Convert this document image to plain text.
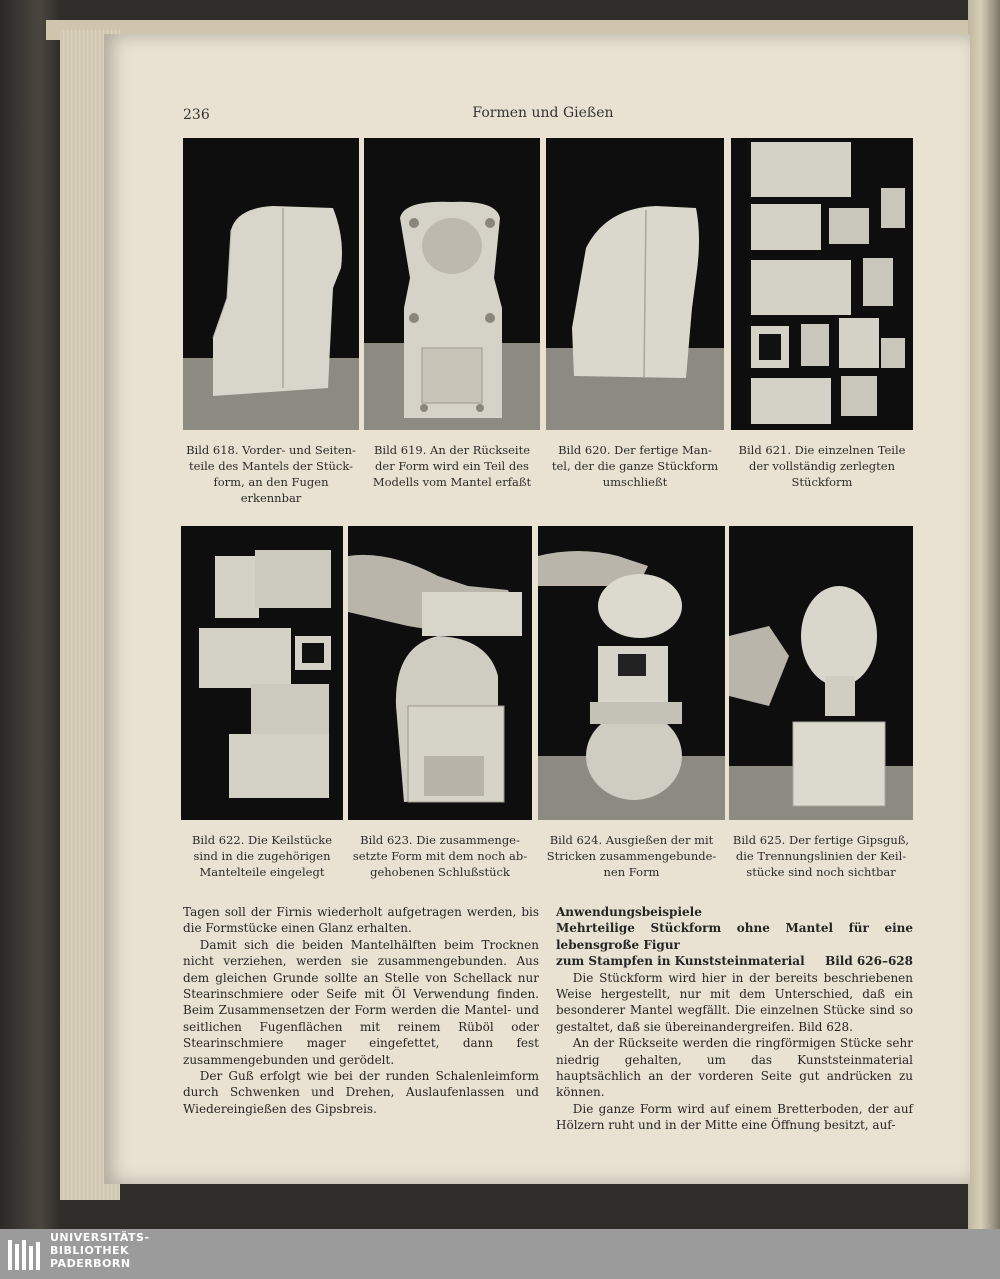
236	Formen und Gießen
Bild 618. Vorder- und Seiten-
teile des Mantels der Stück-
form, an den Fugen erkennbar
Bild 619. An der Rückseite
der Form wird ein Teil des
Modells vom Mantel erfaßt
Bild 620. Der fertige Man-
tel, der die ganze Stückform
umschließt
Bild 621. Die einzelnen Teile
der vollständig zerlegten
Stückform
Bild 622. Die Keilstücke
sind in die zugehörigen
Mantelteile eingelegt
Bild 623. Die zusammenge-
setzte Form mit dem noch ab-
gehobenen Schlußstück
Bild 624. Ausgießen der mit
Stricken zusammengebunde-
nen Form
Bild 625. Der fertige Gipsguß,
die Trennungslinien der Keil-
stücke sind noch sichtbar

Tagen soll der Firnis wiederholt aufgetragen werden, bis die Formstücke einen Glanz erhalten.

Damit sich die beiden Mantelhälften beim Trocknen nicht verziehen, werden sie zusammengebunden. Aus dem gleichen Grunde sollte an Stelle von Schellack nur Stearinschmiere oder Seife mit Öl Verwendung finden. Beim Zusammensetzen der Form werden die Mantel- und seitlichen Fugenflächen mit reinem Rüböl oder Stearinschmiere mager eingefettet, dann fest zusammengebunden und gerödelt.

Der Guß erfolgt wie bei der runden Schalenleimform durch Schwenken und Drehen, Auslaufenlassen und Wiedereingießen des Gipsbreis.

Anwendungsbeispiele
Mehrteilige Stückform ohne Mantel für eine lebensgroße Figur
zum Stampfen in Kunststeinmaterial Bild 626–628

Die Stückform wird hier in der bereits beschriebenen Weise hergestellt, nur mit dem Unterschied, daß ein besonderer Mantel wegfällt. Die einzelnen Stücke sind so gestaltet, daß sie übereinandergreifen. Bild 628.

An der Rückseite werden die ringförmigen Stücke sehr niedrig gehalten, um das Kunststeinmaterial hauptsächlich an der vorderen Seite gut andrücken zu können.

Die ganze Form wird auf einem Bretterboden, der auf Hölzern ruht und in der Mitte eine Öffnung besitzt, auf-

UNIVERSITÄTS-
BIBLIOTHEK
PADERBORN
